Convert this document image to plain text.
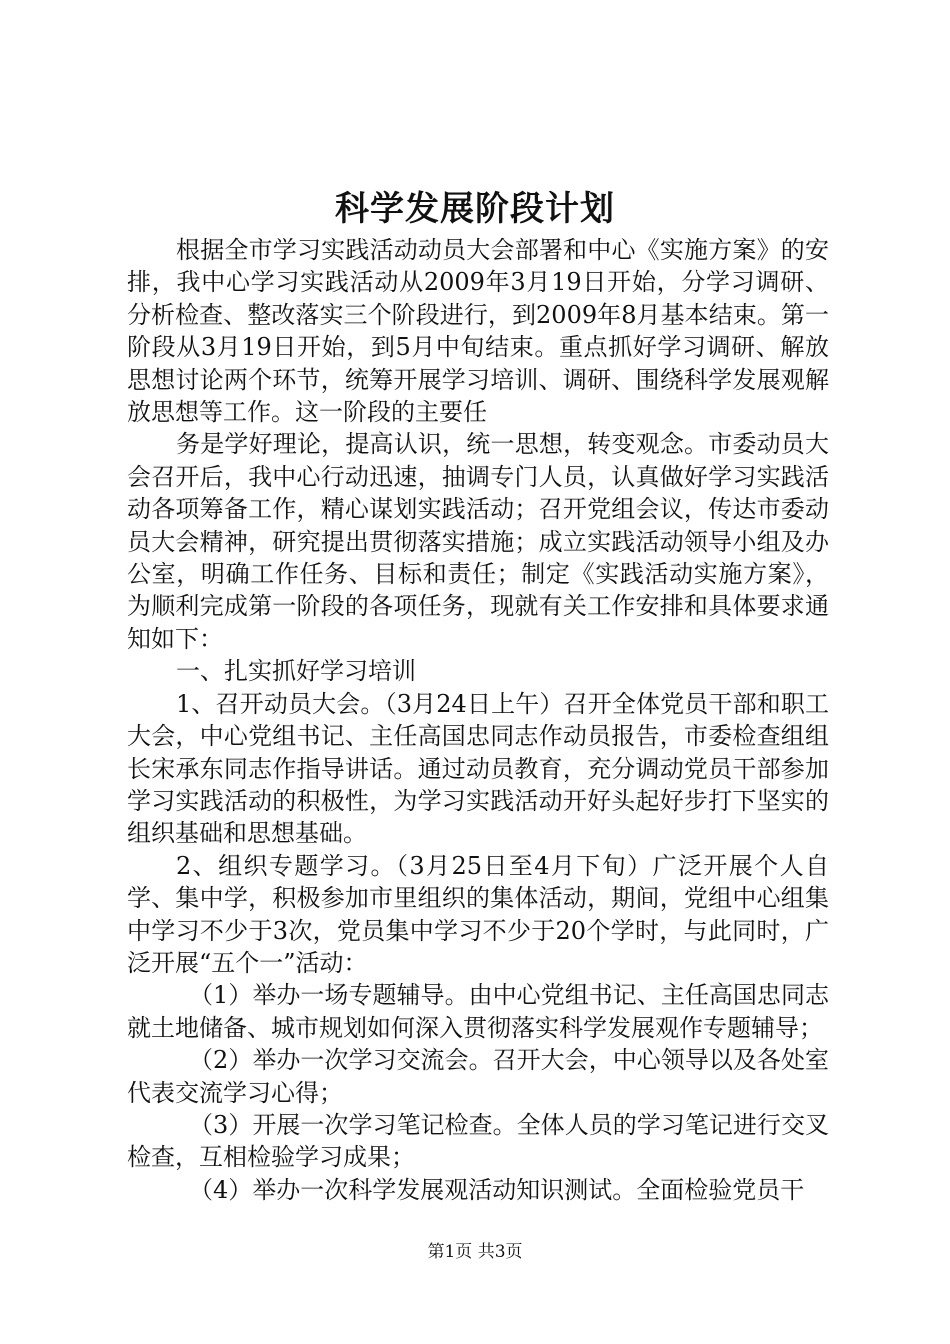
科学发展阶段计划

根据全市学习实践活动动员大会部署和中心《实施方案》的安排，我中心学习实践活动从2009年3月19日开始，分学习调研、分析检查、整改落实三个阶段进行，到2009年8月基本结束。第一阶段从3月19日开始，到5月中旬结束。重点抓好学习调研、解放思想讨论两个环节，统筹开展学习培训、调研、围绕科学发展观解放思想等工作。这一阶段的主要任

务是学好理论，提高认识，统一思想，转变观念。市委动员大会召开后，我中心行动迅速，抽调专门人员，认真做好学习实践活动各项筹备工作，精心谋划实践活动；召开党组会议，传达市委动员大会精神，研究提出贯彻落实措施；成立实践活动领导小组及办公室，明确工作任务、目标和责任；制定《实践活动实施方案》，为顺利完成第一阶段的各项任务，现就有关工作安排和具体要求通知如下：

一、扎实抓好学习培训

1、召开动员大会。（3月24日上午）召开全体党员干部和职工大会，中心党组书记、主任高国忠同志作动员报告，市委检查组组长宋承东同志作指导讲话。通过动员教育，充分调动党员干部参加学习实践活动的积极性，为学习实践活动开好头起好步打下坚实的组织基础和思想基础。

2、组织专题学习。（3月25日至4月下旬）广泛开展个人自学、集中学，积极参加市里组织的集体活动，期间，党组中心组集中学习不少于3次，党员集中学习不少于20个学时，与此同时，广泛开展“五个一”活动：

（1）举办一场专题辅导。由中心党组书记、主任高国忠同志就土地储备、城市规划如何深入贯彻落实科学发展观作专题辅导；

（2）举办一次学习交流会。召开大会，中心领导以及各处室代表交流学习心得；

（3）开展一次学习笔记检查。全体人员的学习笔记进行交叉检查，互相检验学习成果；

（4）举办一次科学发展观活动知识测试。全面检验党员干

第1页 共3页
